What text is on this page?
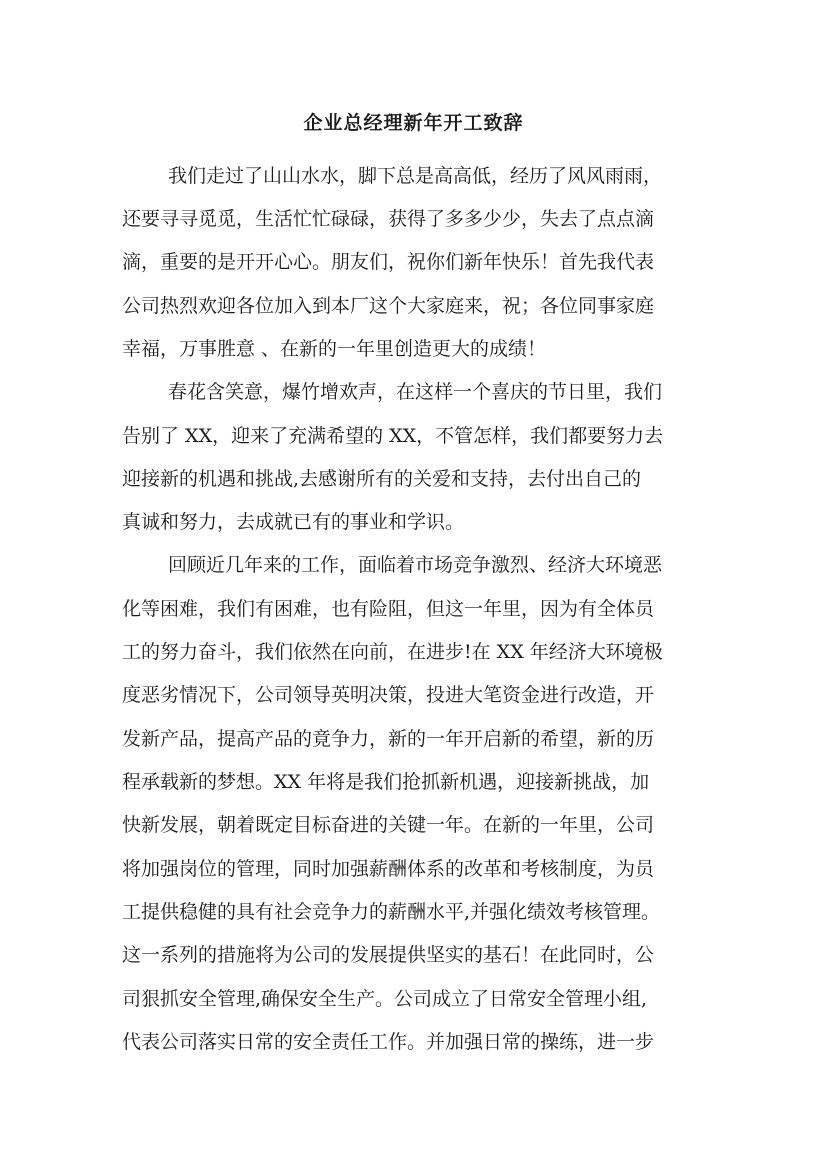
企业总经理新年开工致辞
我们走过了山山水水，脚下总是高高低，经历了风风雨雨，
还要寻寻觅觅，生活忙忙碌碌，获得了多多少少，失去了点点滴
滴，重要的是开开心心。朋友们，祝你们新年快乐！首先我代表
公司热烈欢迎各位加入到本厂这个大家庭来，祝；各位同事家庭
幸福，万事胜意 、在新的一年里创造更大的成绩！
春花含笑意，爆竹增欢声，在这样一个喜庆的节日里，我们
告别了 XX，迎来了充满希望的 XX，不管怎样，我们都要努力去
迎接新的机遇和挑战,去感谢所有的关爱和支持，去付出自己的
真诚和努力，去成就已有的事业和学识。
回顾近几年来的工作，面临着市场竞争激烈、经济大环境恶
化等困难，我们有困难，也有险阻，但这一年里，因为有全体员
工的努力奋斗，我们依然在向前，在进步!在 XX 年经济大环境极
度恶劣情况下，公司领导英明决策，投进大笔资金进行改造，开
发新产品，提高产品的竟争力，新的一年开启新的希望，新的历
程承载新的梦想。XX 年将是我们抢抓新机遇，迎接新挑战，加
快新发展，朝着既定目标奋进的关键一年。在新的一年里，公司
将加强岗位的管理，同时加强薪酬体系的改革和考核制度，为员
工提供稳健的具有社会竞争力的薪酬水平,并强化绩效考核管理。
这一系列的措施将为公司的发展提供坚实的基石！在此同时，公
司狠抓安全管理,确保安全生产。公司成立了日常安全管理小组,
代表公司落实日常的安全责任工作。并加强日常的操练，进一步
